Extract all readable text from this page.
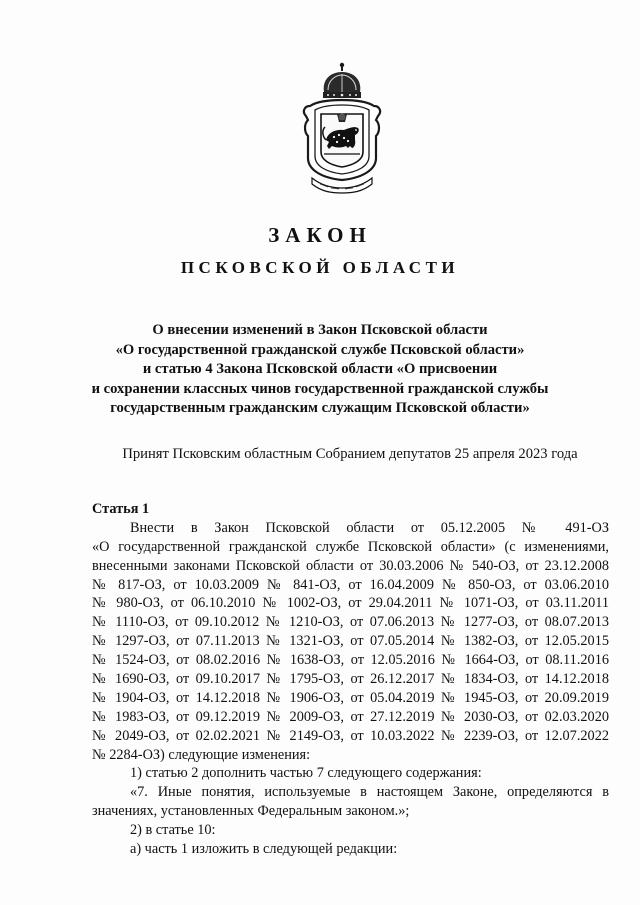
ЗАКОН
ПСКОВСКОЙ ОБЛАСТИ
О внесении изменений в Закон Псковской области
«О государственной гражданской службе Псковской области»
и статью 4 Закона Псковской области «О присвоении
и сохранении классных чинов государственной гражданской службы
государственным гражданским служащим Псковской области»
Принят Псковским областным Собранием депутатов 25 апреля 2023 года
Статья 1
Внести в Закон Псковской области от 05.12.2005 № 491-ОЗ
«О государственной гражданской службе Псковской области» (с изменениями,
внесенными законами Псковской области от 30.03.2006 № 540-ОЗ, от 23.12.2008
№ 817-ОЗ, от 10.03.2009 № 841-ОЗ, от 16.04.2009 № 850-ОЗ, от 03.06.2010
№ 980-ОЗ, от 06.10.2010 № 1002-ОЗ, от 29.04.2011 № 1071-ОЗ, от 03.11.2011
№ 1110-ОЗ, от 09.10.2012 № 1210-ОЗ, от 07.06.2013 № 1277-ОЗ, от 08.07.2013
№ 1297-ОЗ, от 07.11.2013 № 1321-ОЗ, от 07.05.2014 № 1382-ОЗ, от 12.05.2015
№ 1524-ОЗ, от 08.02.2016 № 1638-ОЗ, от 12.05.2016 № 1664-ОЗ, от 08.11.2016
№ 1690-ОЗ, от 09.10.2017 № 1795-ОЗ, от 26.12.2017 № 1834-ОЗ, от 14.12.2018
№ 1904-ОЗ, от 14.12.2018 № 1906-ОЗ, от 05.04.2019 № 1945-ОЗ, от 20.09.2019
№ 1983-ОЗ, от 09.12.2019 № 2009-ОЗ, от 27.12.2019 № 2030-ОЗ, от 02.03.2020
№ 2049-ОЗ, от 02.02.2021 № 2149-ОЗ, от 10.03.2022 № 2239-ОЗ, от 12.07.2022
№ 2284-ОЗ) следующие изменения:
1) статью 2 дополнить частью 7 следующего содержания:
«7. Иные понятия, используемые в настоящем Законе, определяются в
значениях, установленных Федеральным законом.»;
2) в статье 10:
а) часть 1 изложить в следующей редакции:
